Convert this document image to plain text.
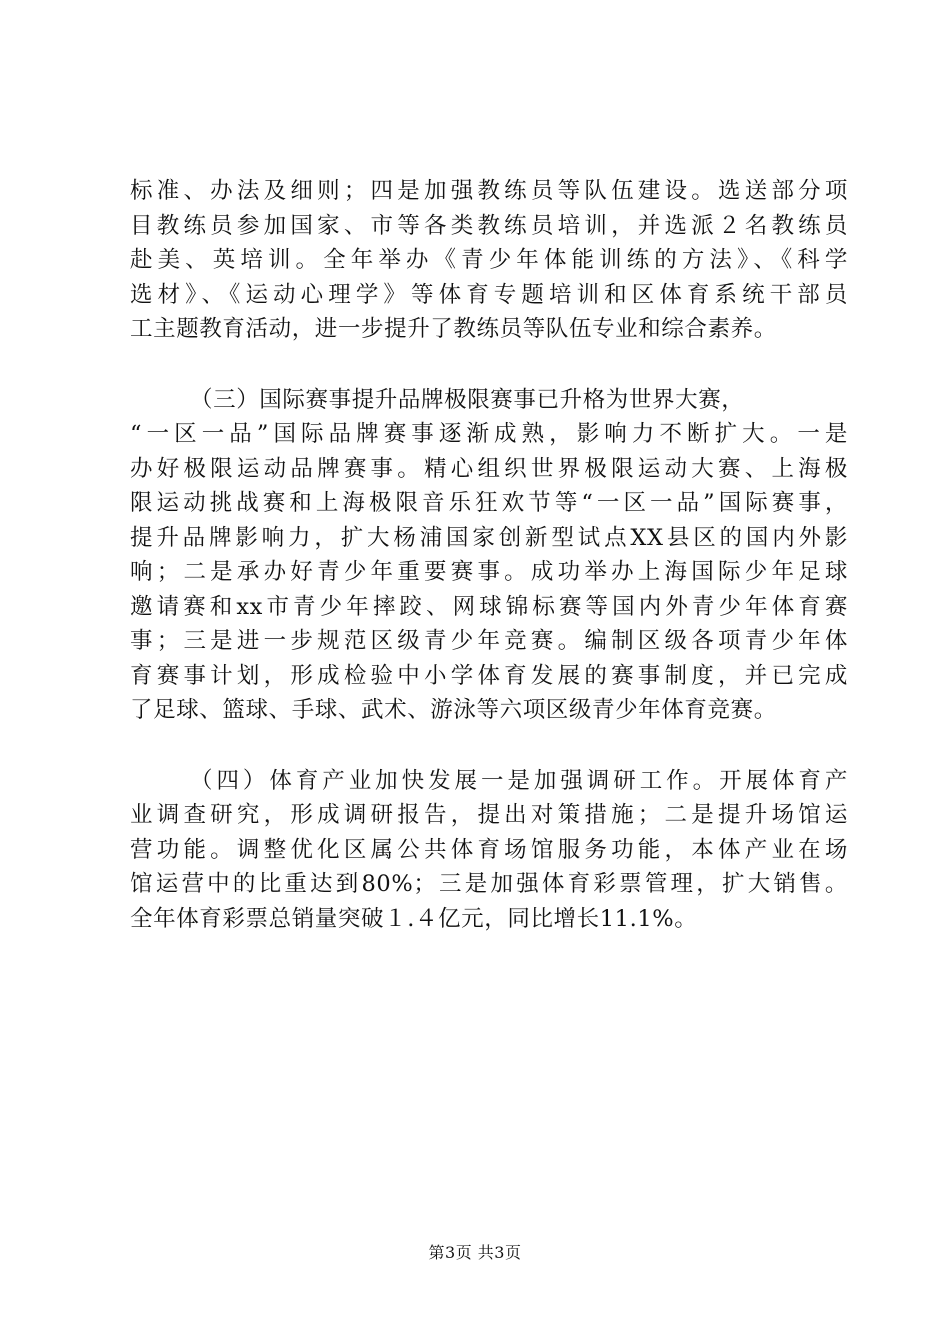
标准、办法及细则；四是加强教练员等队伍建设。选送部分项
目教练员参加国家、市等各类教练员培训，并选派２名教练员
赴美、英培训。全年举办《青少年体能训练的方法》、《科学
选材》、《运动心理学》等体育专题培训和区体育系统干部员
工主题教育活动，进一步提升了教练员等队伍专业和综合素养。
（三）国际赛事提升品牌极限赛事已升格为世界大赛，
“一区一品”国际品牌赛事逐渐成熟，影响力不断扩大。一是
办好极限运动品牌赛事。精心组织世界极限运动大赛、上海极
限运动挑战赛和上海极限音乐狂欢节等“一区一品”国际赛事，
提升品牌影响力，扩大杨浦国家创新型试点XX县区的国内外影
响；二是承办好青少年重要赛事。成功举办上海国际少年足球
邀请赛和xx市青少年摔跤、网球锦标赛等国内外青少年体育赛
事；三是进一步规范区级青少年竞赛。编制区级各项青少年体
育赛事计划，形成检验中小学体育发展的赛事制度，并已完成
了足球、篮球、手球、武术、游泳等六项区级青少年体育竞赛。
（四）体育产业加快发展一是加强调研工作。开展体育产
业调查研究，形成调研报告，提出对策措施；二是提升场馆运
营功能。调整优化区属公共体育场馆服务功能，本体产业在场
馆运营中的比重达到80%；三是加强体育彩票管理，扩大销售。
全年体育彩票总销量突破１.４亿元，同比增长11.1%。
第3页 共3页
